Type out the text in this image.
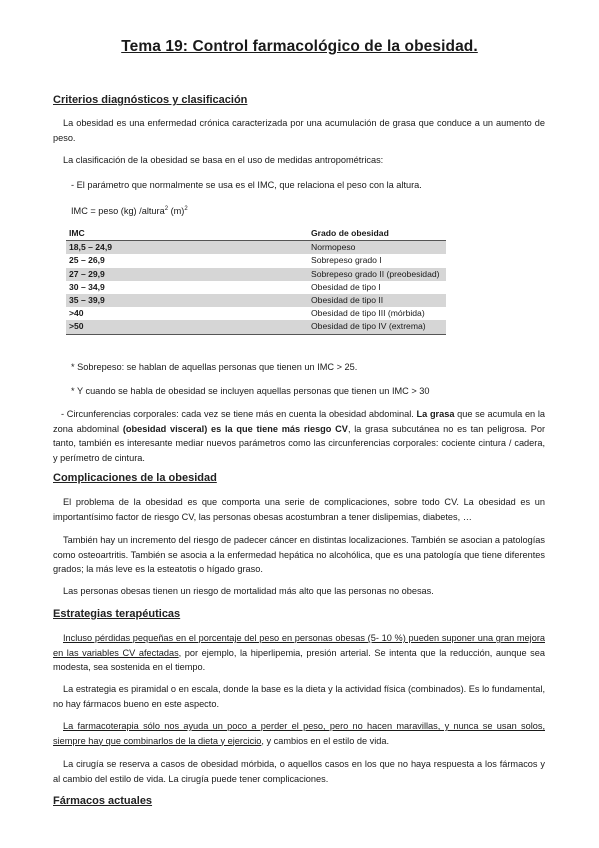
Tema 19: Control farmacológico de la obesidad.
Criterios diagnósticos y clasificación

La obesidad es una enfermedad crónica caracterizada por una acumulación de grasa que conduce a un aumento de peso.

La clasificación de la obesidad se basa en el uso de medidas antropométricas:

- El parámetro que normalmente se usa es el IMC, que relaciona el peso con la altura.

IMC = peso (kg) /altura$^2$ $(m)^2$
IMC	Grado de obesidad
18,5 – 24,9	Normopeso
25 – 26,9	Sobrepeso grado I
27 – 29,9	Sobrepeso grado II (preobesidad)
30 – 34,9	Obesidad de tipo I
35 – 39,9	Obesidad de tipo II
>40	Obesidad de tipo III (mórbida)
>50	Obesidad de tipo IV (extrema)

* Sobrepeso: se hablan de aquellas personas que tienen un IMC > 25.

* Y cuando se habla de obesidad se incluyen aquellas personas que tienen un IMC > 30

- Circunferencias corporales: cada vez se tiene más en cuenta la obesidad abdominal. La grasa que se acumula en la zona abdominal (obesidad visceral) es la que tiene más riesgo CV, la grasa subcutánea no es tan peligrosa. Por tanto, también es interesante mediar nuevos parámetros como las circunferencias corporales: cociente cintura / cadera, y perímetro de cintura.

Complicaciones de la obesidad

El problema de la obesidad es que comporta una serie de complicaciones, sobre todo CV. La obesidad es un importantísimo factor de riesgo CV, las personas obesas acostumbran a tener dislipemias, diabetes, …

También hay un incremento del riesgo de padecer cáncer en distintas localizaciones. También se asocian a patologías como osteoartritis. También se asocia a la enfermedad hepática no alcohólica, que es una patología que tiene diferentes grados; la más leve es la esteatotis o hígado graso.

Las personas obesas tienen un riesgo de mortalidad más alto que las personas no obesas.

Estrategias terapéuticas

Incluso pérdidas pequeñas en el porcentaje del peso en personas obesas (5- 10 %) pueden suponer una gran mejora en las variables CV afectadas, por ejemplo, la hiperlipemia, presión arterial. Se intenta que la reducción, aunque sea modesta, sea sostenida en el tiempo.

La estrategia es piramidal o en escala, donde la base es la dieta y la actividad física (combinados). Es lo fundamental, no hay fármacos bueno en este aspecto.

La farmacoterapia sólo nos ayuda un poco a perder el peso, pero no hacen maravillas, y nunca se usan solos, siempre hay que combinarlos de la dieta y ejercicio, y cambios en el estilo de vida.

La cirugía se reserva a casos de obesidad mórbida, o aquellos casos en los que no haya respuesta a los fármacos y al cambio del estilo de vida. La cirugía puede tener complicaciones.

Fármacos actuales
